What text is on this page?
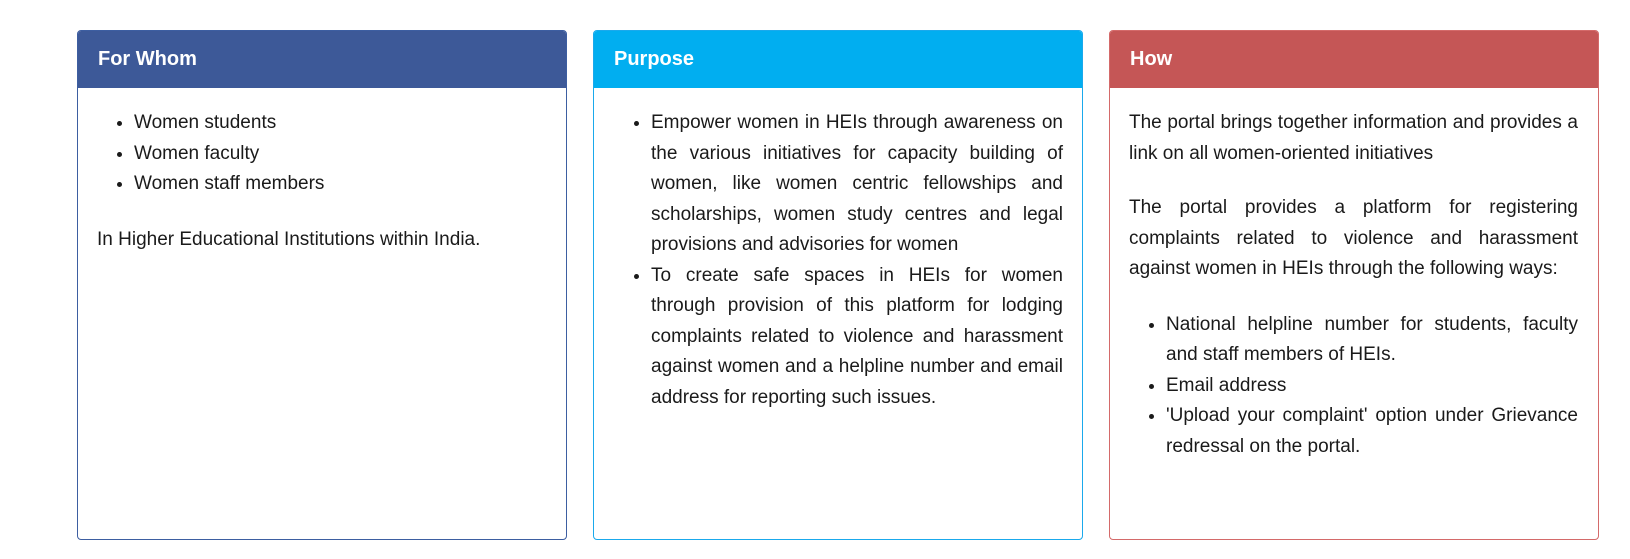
For Whom
• Women students
• Women faculty
• Women staff members

In Higher Educational Institutions within India.

Purpose
• Empower women in HEIs through awareness on the various initiatives for capacity building of women, like women centric fellowships and scholarships, women study centres and legal provisions and advisories for women
• To create safe spaces in HEIs for women through provision of this platform for lodging complaints related to violence and harassment against women and a helpline number and email address for reporting such issues.
How

The portal brings together information and provides a link on all women-oriented initiatives

The portal provides a platform for registering complaints related to violence and harassment against women in HEIs through the following ways:

• National helpline number for students, faculty and staff members of HEIs.
• Email address
• 'Upload your complaint' option under Grievance redressal on the portal.
